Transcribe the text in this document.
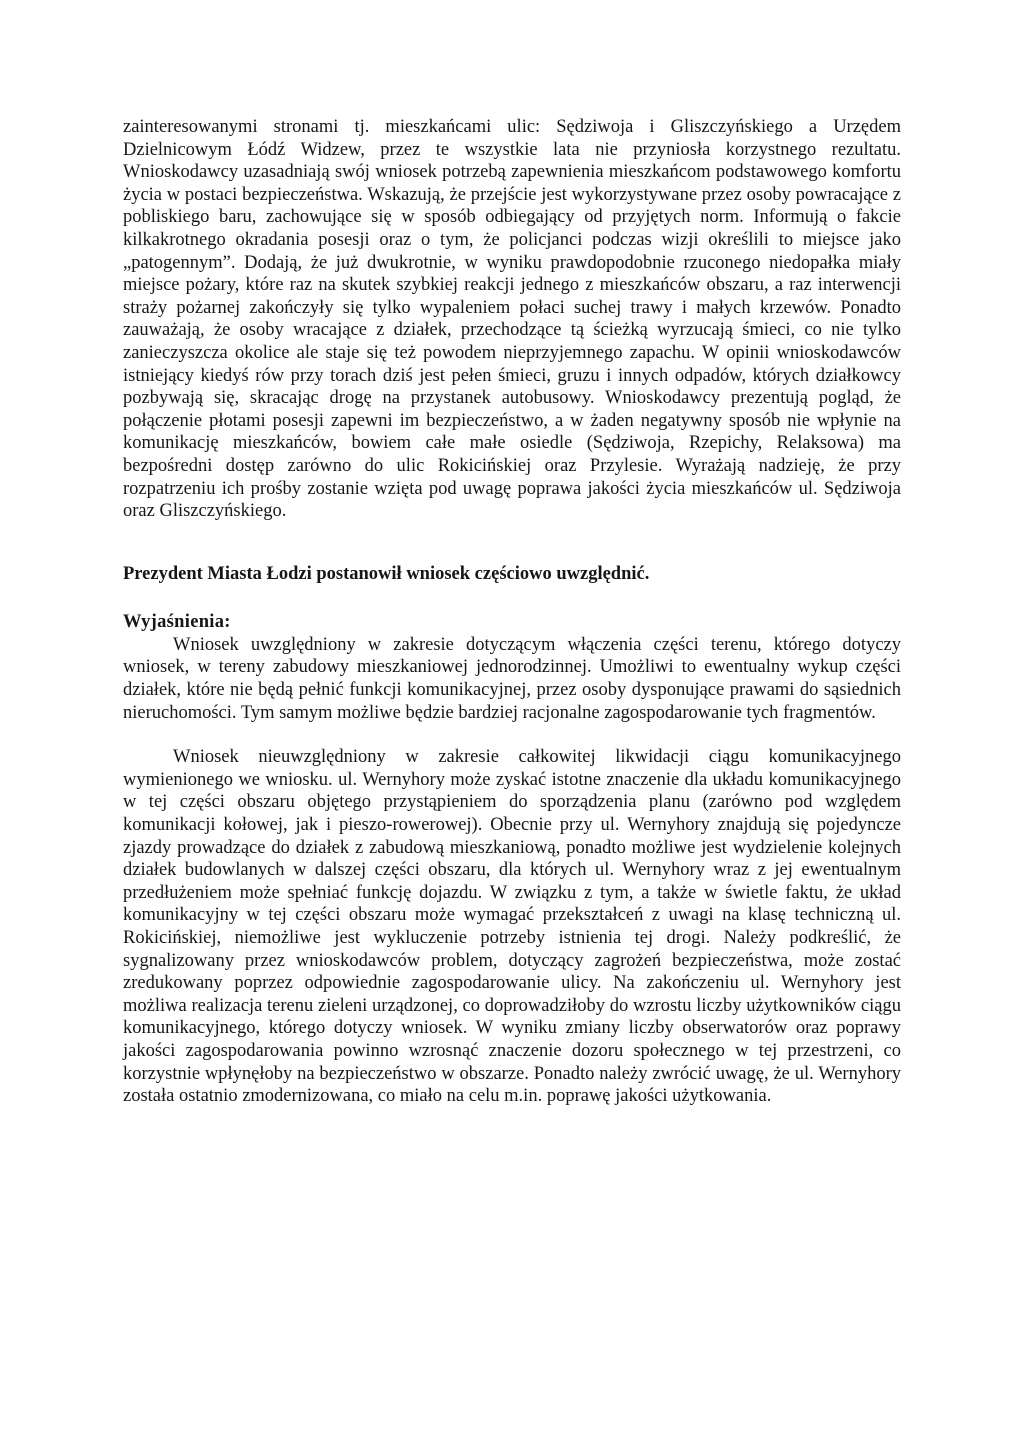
zainteresowanymi stronami tj. mieszkańcami ulic: Sędziwoja i Gliszczyńskiego a Urzędem Dzielnicowym Łódź Widzew, przez te wszystkie lata nie przyniosła korzystnego rezultatu. Wnioskodawcy uzasadniają swój wniosek potrzebą zapewnienia mieszkańcom podstawowego komfortu życia w postaci bezpieczeństwa. Wskazują, że przejście jest wykorzystywane przez osoby powracające z pobliskiego baru, zachowujące się w sposób odbiegający od przyjętych norm. Informują o fakcie kilkakrotnego okradania posesji oraz o tym, że policjanci podczas wizji określili to miejsce jako „patogennym”. Dodają, że już dwukrotnie, w wyniku prawdopodobnie rzuconego niedopałka miały miejsce pożary, które raz na skutek szybkiej reakcji jednego z mieszkańców obszaru, a raz interwencji straży pożarnej zakończyły się tylko wypaleniem połaci suchej trawy i małych krzewów. Ponadto zauważają, że osoby wracające z działek, przechodzące tą ścieżką wyrzucają śmieci, co nie tylko zanieczyszcza okolice ale staje się też powodem nieprzyjemnego zapachu. W opinii wnioskodawców istniejący kiedyś rów przy torach dziś jest pełen śmieci, gruzu i innych odpadów, których działkowcy pozbywają się, skracając drogę na przystanek autobusowy. Wnioskodawcy prezentują pogląd, że połączenie płotami posesji zapewni im bezpieczeństwo, a w żaden negatywny sposób nie wpłynie na komunikację mieszkańców, bowiem całe małe osiedle (Sędziwoja, Rzepichy, Relaksowa) ma bezpośredni dostęp zarówno do ulic Rokicińskiej oraz Przylesie. Wyrażają nadzieję, że przy rozpatrzeniu ich prośby zostanie wzięta pod uwagę poprawa jakości życia mieszkańców ul. Sędziwoja oraz Gliszczyńskiego.

Prezydent Miasta Łodzi postanowił wniosek częściowo uwzględnić.

Wyjaśnienia:

Wniosek uwzględniony w zakresie dotyczącym włączenia części terenu, którego dotyczy wniosek, w tereny zabudowy mieszkaniowej jednorodzinnej. Umożliwi to ewentualny wykup części działek, które nie będą pełnić funkcji komunikacyjnej, przez osoby dysponujące prawami do sąsiednich nieruchomości. Tym samym możliwe będzie bardziej racjonalne zagospodarowanie tych fragmentów.

Wniosek nieuwzględniony w zakresie całkowitej likwidacji ciągu komunikacyjnego wymienionego we wniosku. ul. Wernyhory może zyskać istotne znaczenie dla układu komunikacyjnego w tej części obszaru objętego przystąpieniem do sporządzenia planu (zarówno pod względem komunikacji kołowej, jak i pieszo-rowerowej). Obecnie przy ul. Wernyhory znajdują się pojedyncze zjazdy prowadzące do działek z zabudową mieszkaniową, ponadto możliwe jest wydzielenie kolejnych działek budowlanych w dalszej części obszaru, dla których ul. Wernyhory wraz z jej ewentualnym przedłużeniem może spełniać funkcję dojazdu. W związku z tym, a także w świetle faktu, że układ komunikacyjny w tej części obszaru może wymagać przekształceń z uwagi na klasę techniczną ul. Rokicińskiej, niemożliwe jest wykluczenie potrzeby istnienia tej drogi. Należy podkreślić, że sygnalizowany przez wnioskodawców problem, dotyczący zagrożeń bezpieczeństwa, może zostać zredukowany poprzez odpowiednie zagospodarowanie ulicy. Na zakończeniu ul. Wernyhory jest możliwa realizacja terenu zieleni urządzonej, co doprowadziłoby do wzrostu liczby użytkowników ciągu komunikacyjnego, którego dotyczy wniosek. W wyniku zmiany liczby obserwatorów oraz poprawy jakości zagospodarowania powinno wzrosnąć znaczenie dozoru społecznego w tej przestrzeni, co korzystnie wpłynęłoby na bezpieczeństwo w obszarze. Ponadto należy zwrócić uwagę, że ul. Wernyhory została ostatnio zmodernizowana, co miało na celu m.in. poprawę jakości użytkowania.
